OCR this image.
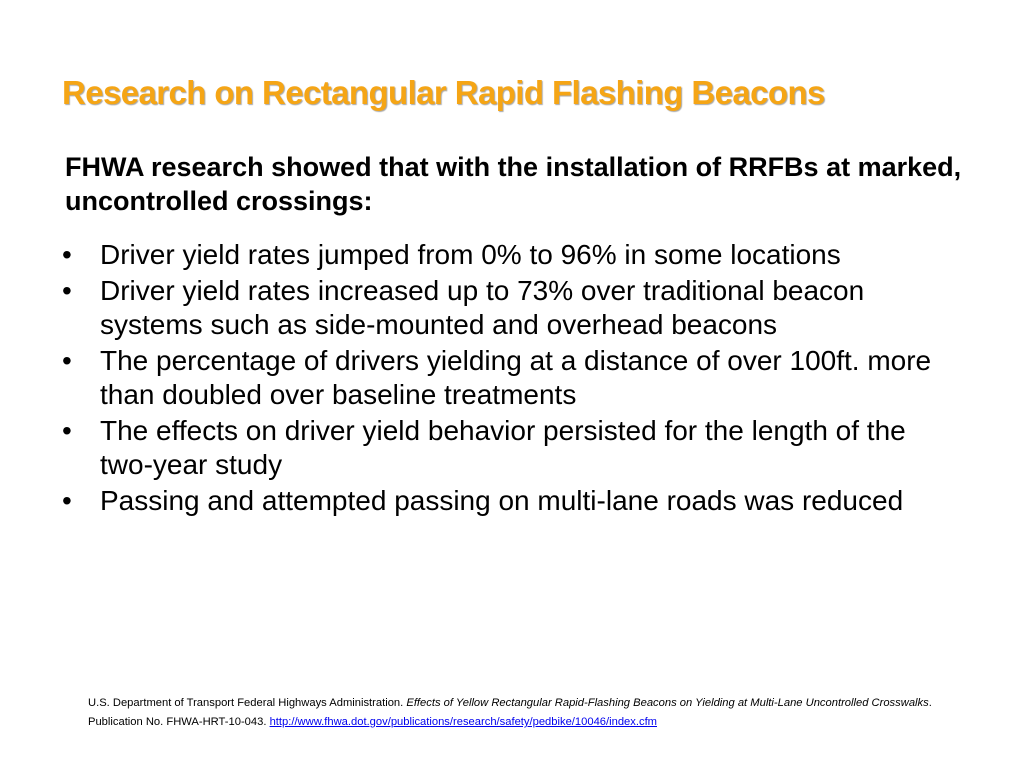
Research on Rectangular Rapid Flashing Beacons
FHWA research showed that with the installation of RRFBs at marked, uncontrolled crossings:
• Driver yield rates jumped from 0% to 96% in some locations
• Driver yield rates increased up to 73% over traditional beacon systems such as side-mounted and overhead beacons
• The percentage of drivers yielding at a distance of over 100ft. more than doubled over baseline treatments
• The effects on driver yield behavior persisted for the length of the two-year study
• Passing and attempted passing on multi-lane roads was reduced
U.S. Department of Transport Federal Highways Administration. Effects of Yellow Rectangular Rapid-Flashing Beacons on Yielding at Multi-Lane Uncontrolled Crosswalks. Publication No. FHWA-HRT-10-043. http://www.fhwa.dot.gov/publications/research/safety/pedbike/10046/index.cfm
